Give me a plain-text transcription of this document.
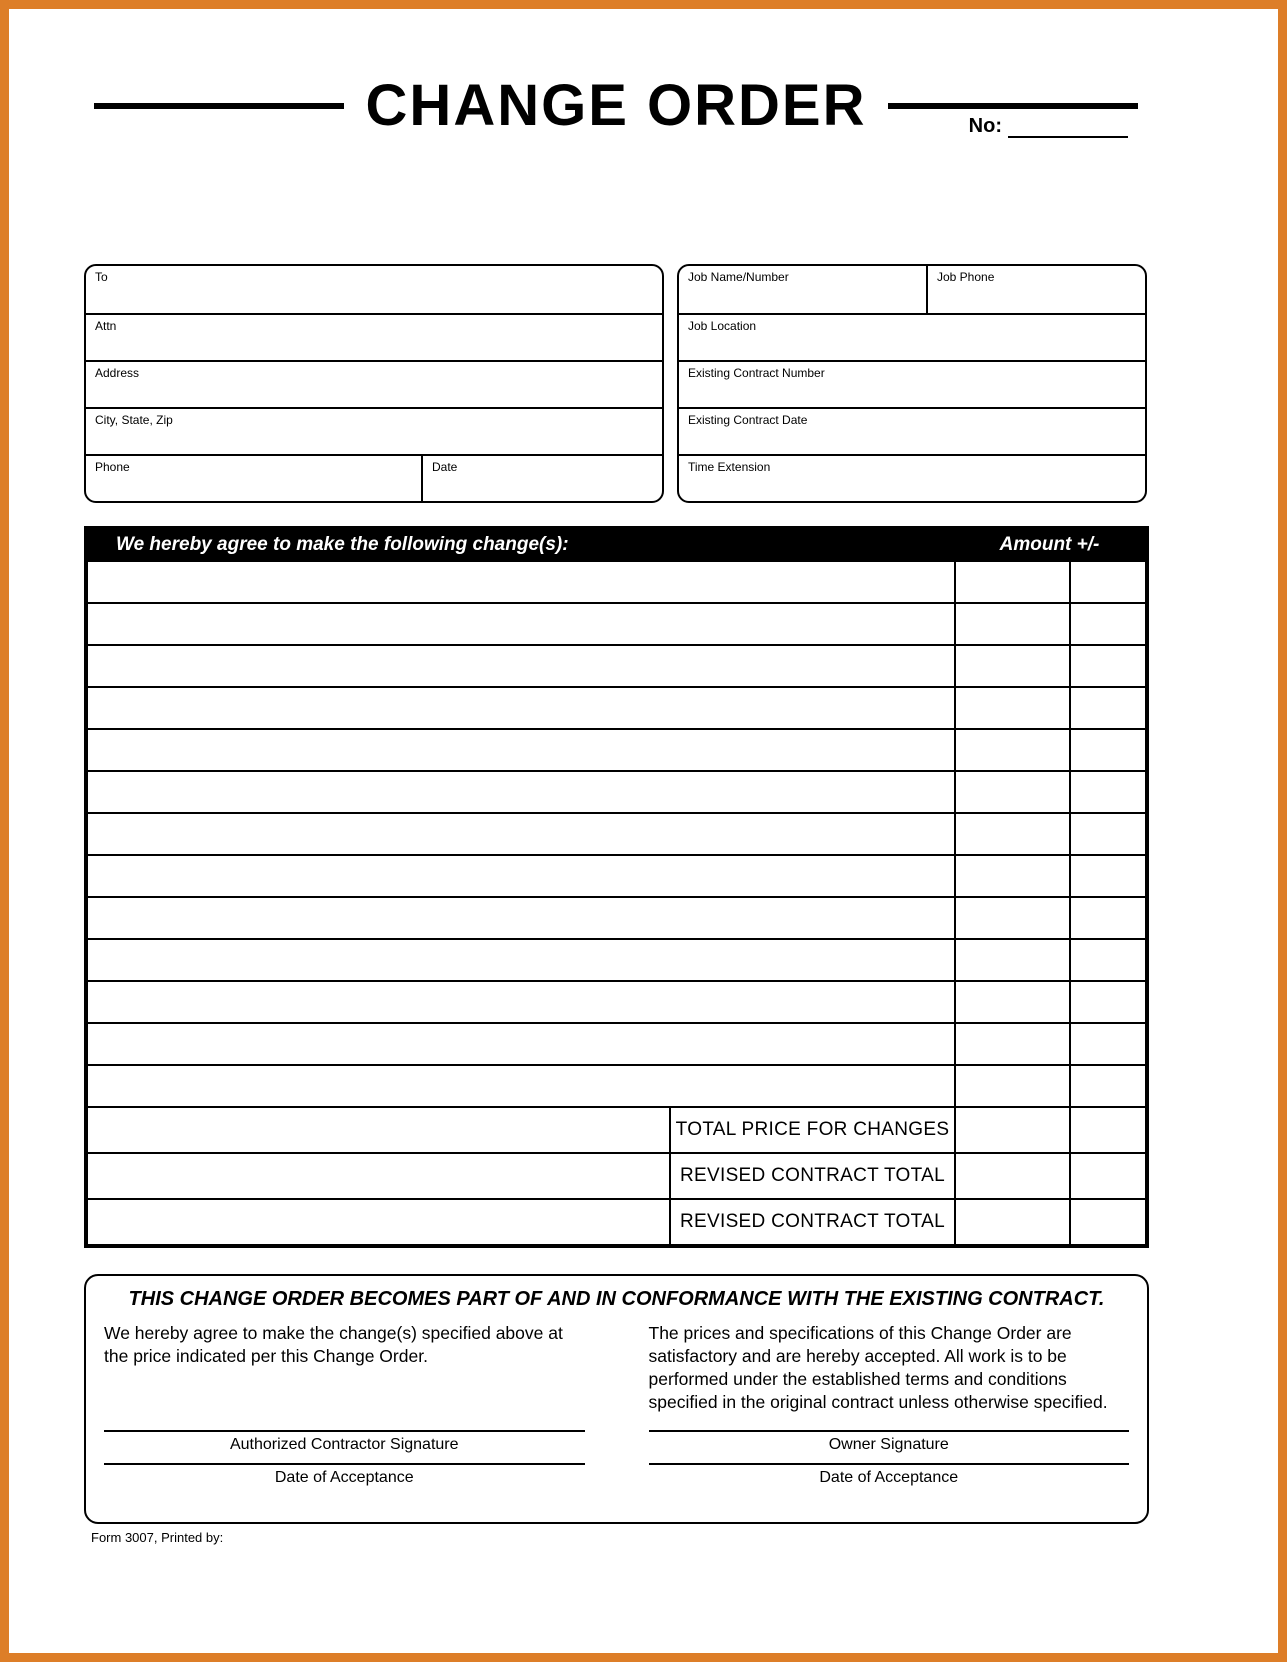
CHANGE ORDER	No:
To
Attn
Address
City, State, Zip
Phone	Date
Job Name/Number	Job Phone
Job Location
Existing Contract Number
Existing Contract Date
Time Extension
We hereby agree to make the following change(s):	Amount +/-
TOTAL PRICE FOR CHANGES
REVISED CONTRACT TOTAL
REVISED CONTRACT TOTAL
THIS CHANGE ORDER BECOMES PART OF AND IN CONFORMANCE WITH THE EXISTING CONTRACT.
We hereby agree to make the change(s) specified above at the price indicated per this Change Order.
Authorized Contractor Signature
Date of Acceptance
The prices and specifications of this Change Order are satisfactory and are hereby accepted. All work is to be performed under the established terms and conditions specified in the original contract unless otherwise specified.
Owner Signature
Date of Acceptance
Form 3007, Printed by:
